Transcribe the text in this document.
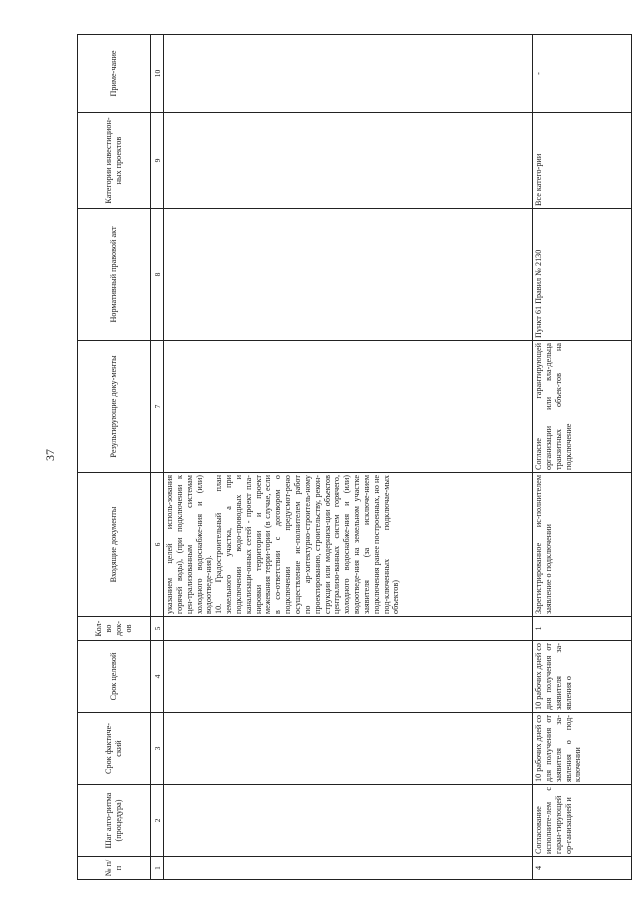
37
№ п/п	Шаг алго-ритма (процедура)	Срок фактиче-ский	Срок целевой	Кол-во док-ов	Входящие документы	Результирующие доку-менты	Нормативный правовой акт	Категории инвестицион-ных проектов	Приме-чание
1	2	3	4	5	6	7	8	9	10

					указанием целей исполь-зования горячей воды), (при подключении к цен-трализованным системам холодного водоснабже-ния и (или) водоотведе-ния). 10. Градостроительный план земельного участка, а при подключении водо-проводных и канализаци-онных сетей - проект пла-нировки территории и проект межевания терри-тории (в случае, если в со-ответствии с договором о подключении предусмот-рено осуществление ис-полнителем работ по ар-хитектурно-строитель-ному проектированию, строительству, рекон-струкции или модерниза-ции объектов централизо-ванных систем горячего, холодного водоснабже-ния и (или) водоотведе-ния на земельном участке заявителя (за исключе-нием подключения ранее построенных, но не под-ключенных подключае-мых объектов)				

4	Согласование исполните-лем с гаран-тирующей ор-ганизацией и	10 рабочих дней со для получения от заявителя за-явления о под-ключении	10 рабочих дней со дня получения от заявителя за-явления о	1	Зарегистрированное ис-полнителем заявление о подключении	Согласие гарантирующей организации или вла-дельца транзитных объек-тов на подключение	Пункт 61 Правил № 2130	Все катего-рии	-
